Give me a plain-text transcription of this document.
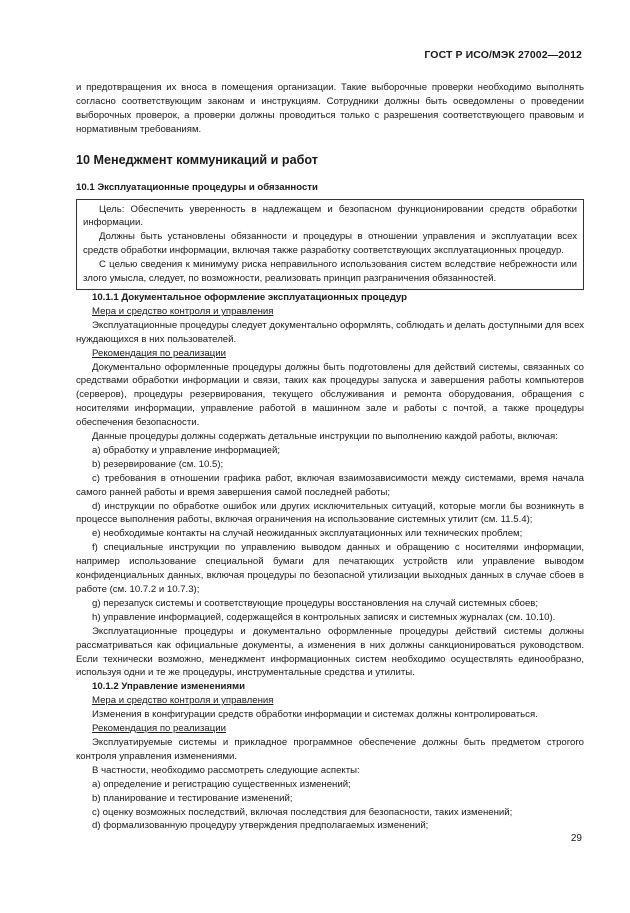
ГОСТ Р ИСО/МЭК 27002—2012

и предотвращения их вноса в помещения организации. Такие выборочные проверки необходимо выполнять согласно соответствующим законам и инструкциям. Сотрудники должны быть осведомлены о проведении выборочных проверок, а проверки должны проводиться только с разрешения соответствующего правовым и нормативным требованиям.

10 Менеджмент коммуникаций и работ
10.1 Эксплуатационные процедуры и обязанности

Цель: Обеспечить уверенность в надлежащем и безопасном функционировании средств обработки информации.

Должны быть установлены обязанности и процедуры в отношении управления и эксплуатации всех средств обработки информации, включая также разработку соответствующих эксплуатационных процедур.

С целью сведения к минимуму риска неправильного использования систем вследствие небрежности или злого умысла, следует, по возможности, реализовать принцип разграничения обязанностей.

10.1.1 Документальное оформление эксплуатационных процедур

Мера и средство контроля и управления

Эксплуатационные процедуры следует документально оформлять, соблюдать и делать доступными для всех нуждающихся в них пользователей.

Рекомендация по реализации

Документально оформленные процедуры должны быть подготовлены для действий системы, связанных со средствами обработки информации и связи, таких как процедуры запуска и завершения работы компьютеров (серверов), процедуры резервирования, текущего обслуживания и ремонта оборудования, обращения с носителями информации, управление работой в машинном зале и работы с почтой, а также процедуры обеспечения безопасности.

Данные процедуры должны содержать детальные инструкции по выполнению каждой работы, включая:

a) обработку и управление информацией;

b) резервирование (см. 10.5);

c) требования в отношении графика работ, включая взаимозависимости между системами, время начала самого ранней работы и время завершения самой последней работы;

d) инструкции по обработке ошибок или других исключительных ситуаций, которые могли бы возникнуть в процессе выполнения работы, включая ограничения на использование системных утилит (см. 11.5.4);

e) необходимые контакты на случай неожиданных эксплуатационных или технических проблем;

f) специальные инструкции по управлению выводом данных и обращению с носителями информации, например использование специальной бумаги для печатающих устройств или управление выводом конфиденциальных данных, включая процедуры по безопасной утилизации выходных данных в случае сбоев в работе (см. 10.7.2 и 10.7.3);

g) перезапуск системы и соответствующие процедуры восстановления на случай системных сбоев;

h) управление информацией, содержащейся в контрольных записях и системных журналах (см. 10.10).

Эксплуатационные процедуры и документально оформленные процедуры действий системы должны рассматриваться как официальные документы, а изменения в них должны санкционироваться руководством. Если технически возможно, менеджмент информационных систем необходимо осуществлять единообразно, используя одни и те же процедуры, инструментальные средства и утилиты.

10.1.2 Управление изменениями

Мера и средство контроля и управления

Изменения в конфигурации средств обработки информации и системах должны контролироваться.

Рекомендация по реализации

Эксплуатируемые системы и прикладное программное обеспечение должны быть предметом строгого контроля управления изменениями.

В частности, необходимо рассмотреть следующие аспекты:

a) определение и регистрацию существенных изменений;

b) планирование и тестирование изменений;

c) оценку возможных последствий, включая последствия для безопасности, таких изменений;

d) формализованную процедуру утверждения предполагаемых изменений;

29
